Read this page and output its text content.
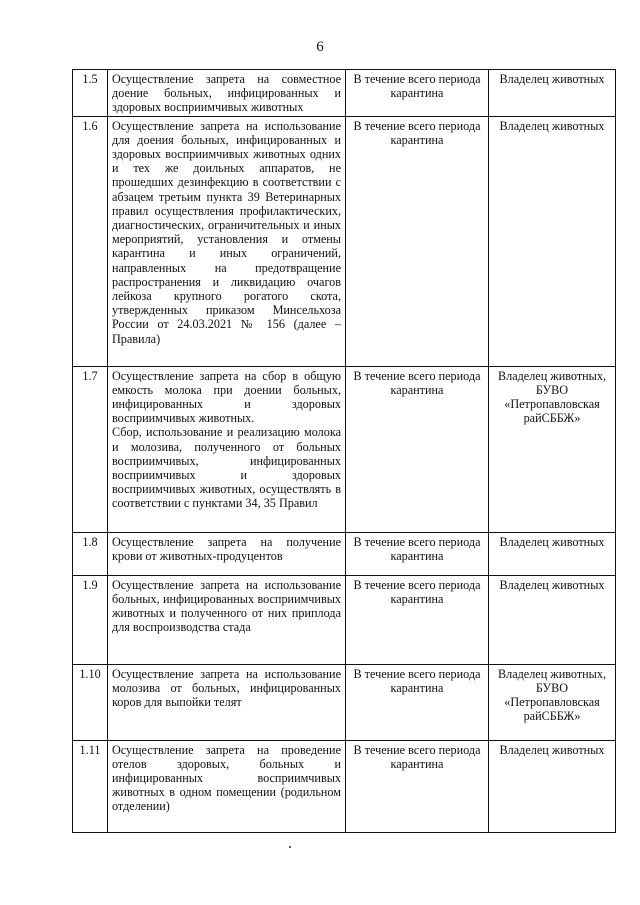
6
1.5	Осуществление запрета на совместное доение больных, инфицированных и здоровых восприимчивых животных	В течение всего периода карантина	Владелец животных
1.6	Осуществление запрета на использование для доения больных, инфицированных и здоровых восприимчивых животных одних и тех же доильных аппаратов, не прошедших дезинфекцию в соответствии с абзацем третьим пункта 39 Ветеринарных правил осуществления профилактических, диагностических, ограничительных и иных мероприятий, установления и отмены карантина и иных ограничений, направленных на предотвращение распространения и ликвидацию очагов лейкоза крупного рогатого скота, утвержденных приказом Минсельхоза России от 24.03.2021 № 156 (далее – Правила)	В течение всего периода карантина	Владелец животных
1.7	Осуществление запрета на сбор в общую емкость молока при доении больных, инфицированных и здоровых восприимчивых животных.
Сбор, использование и реализацию молока и молозива, полученного от больных восприимчивых, инфицированных восприимчивых и здоровых восприимчивых животных, осуществлять в соответствии с пунктами 34, 35 Правил	В течение всего периода карантина	Владелец животных, БУВО «Петропавловская райСББЖ»
1.8	Осуществление запрета на получение крови от животных-продуцентов	В течение всего периода карантина	Владелец животных
1.9	Осуществление запрета на использование больных, инфицированных восприимчивых животных и полученного от них приплода для воспроизводства стада	В течение всего периода карантина	Владелец животных
1.10	Осуществление запрета на использование молозива от больных, инфицированных коров для выпойки телят	В течение всего периода карантина	Владелец животных, БУВО «Петропавловская райСББЖ»
1.11	Осуществление запрета на проведение отелов здоровых, больных и инфицированных восприимчивых животных в одном помещении (родильном отделении)	В течение всего периода карантина	Владелец животных
